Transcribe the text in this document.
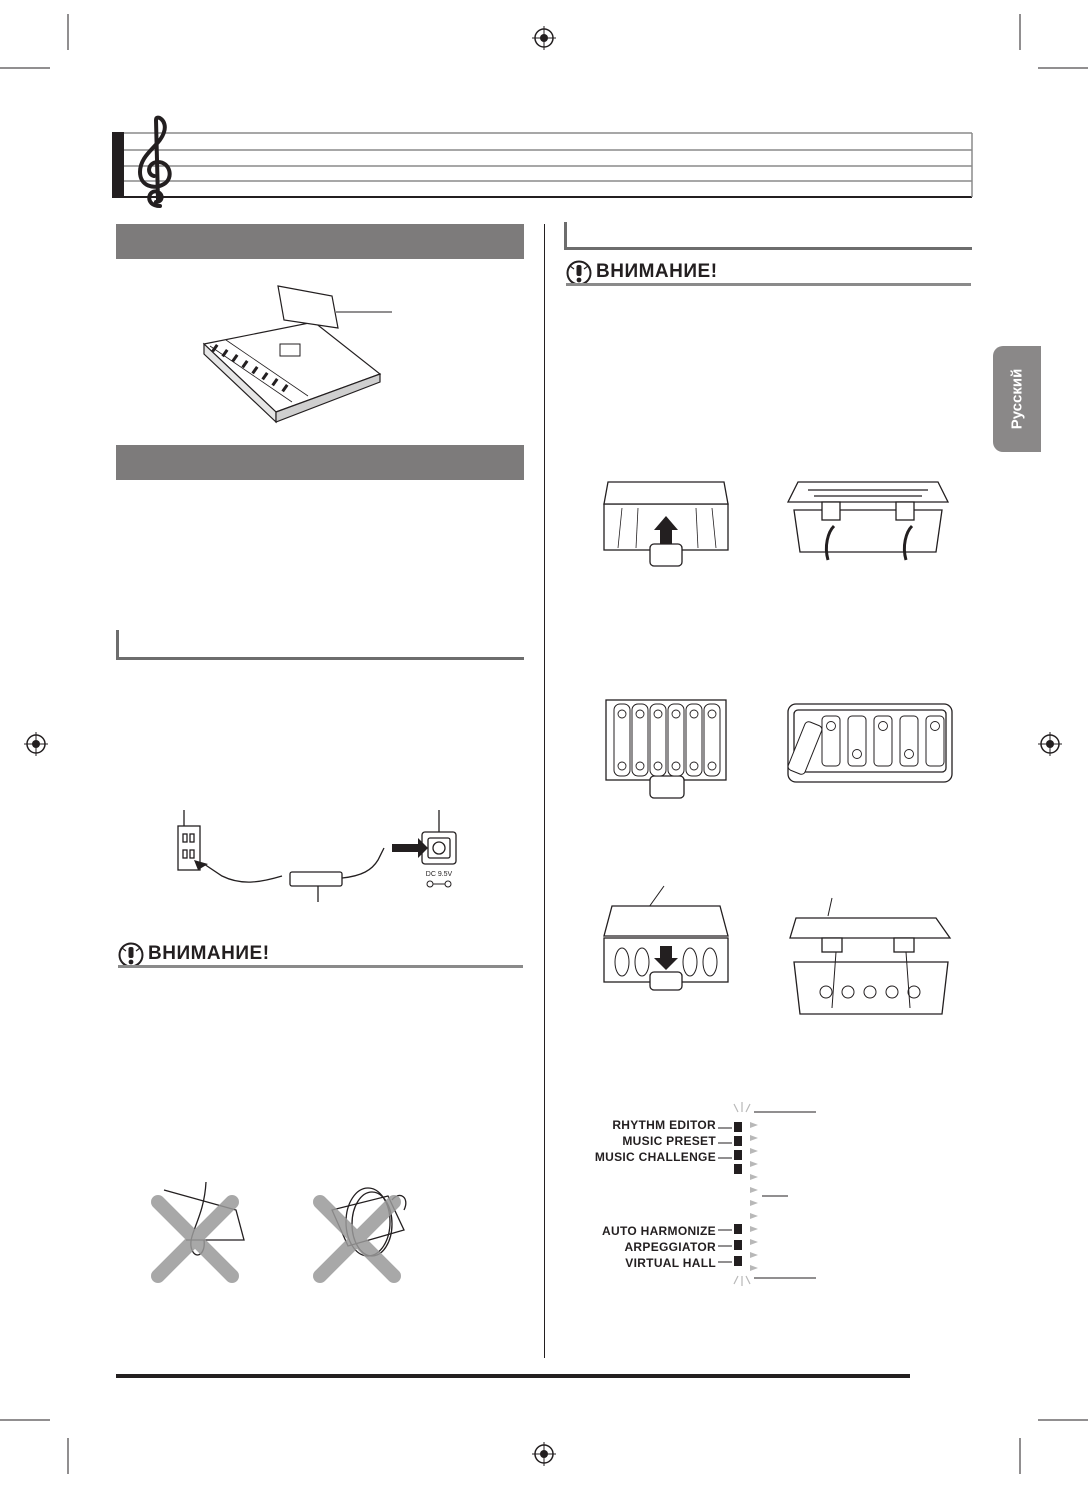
DC 9.5V
ВНИМАНИЕ!
ВНИМАНИЕ!
RHYTHM EDITOR
MUSIC PRESET
MUSIC CHALLENGE
AUTO HARMONIZE
ARPEGGIATOR
VIRTUAL HALL
Русский
